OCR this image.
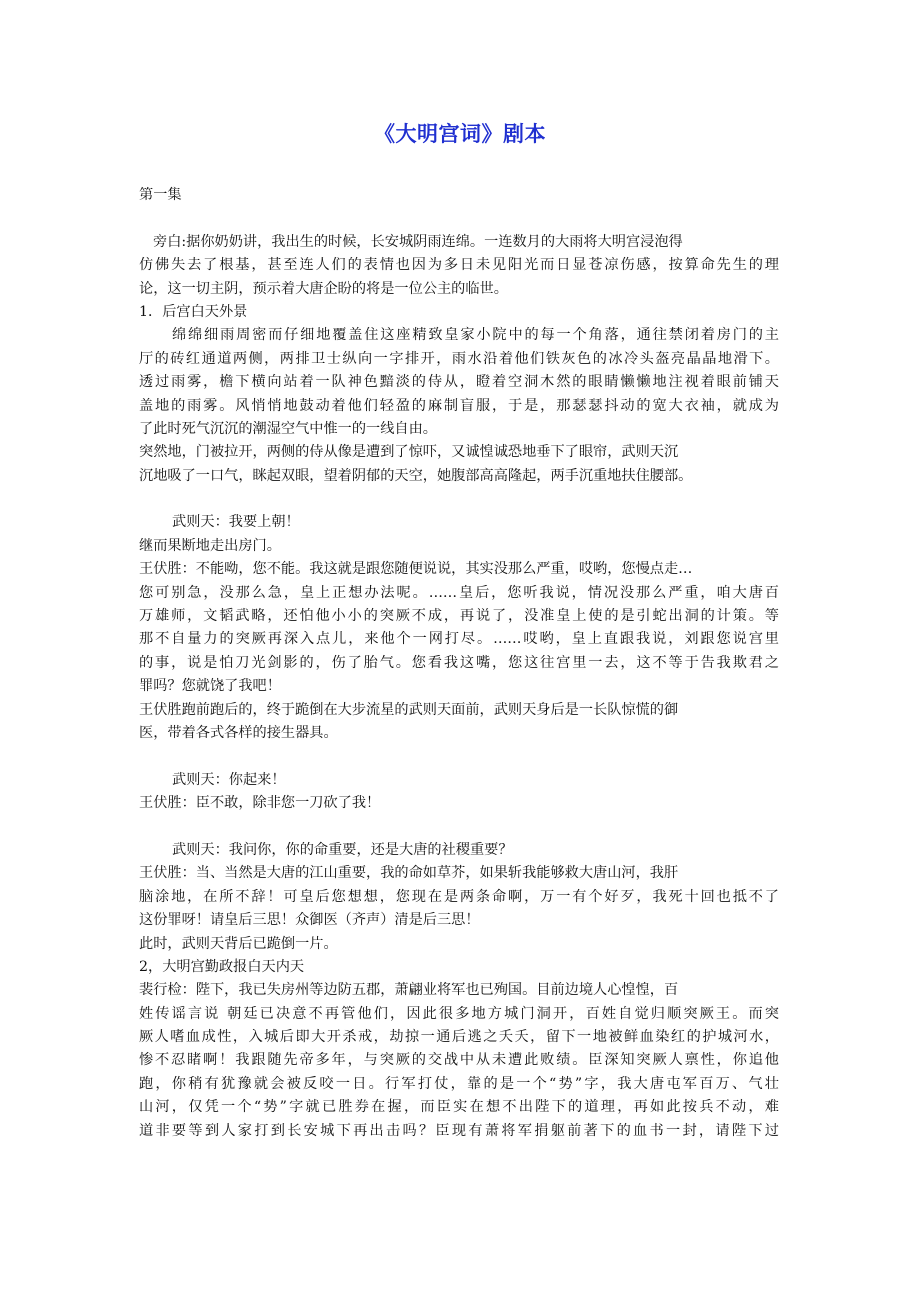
《大明宫词》剧本
第一集
旁白:据你奶奶讲，我出生的时候，长安城阴雨连绵。一连数月的大雨将大明宫浸泡得
仿佛失去了根基，甚至连人们的表情也因为多日未见阳光而日显苍凉伤感，按算命先生的理
论，这一切主阴，预示着大唐企盼的将是一位公主的临世。
1．后宫白天外景
绵绵细雨周密而仔细地覆盖住这座精致皇家小院中的每一个角落，通往禁闭着房门的主
厅的砖红通道两侧，两排卫士纵向一字排开，雨水沿着他们铁灰色的冰冷头盔亮晶晶地滑下。
透过雨雾，檐下横向站着一队神色黯淡的侍从，瞪着空洞木然的眼睛懒懒地注视着眼前铺天
盖地的雨雾。风悄悄地鼓动着他们轻盈的麻制盲服，于是，那瑟瑟抖动的宽大衣袖，就成为
了此时死气沉沉的潮湿空气中惟一的一线自由。
突然地，门被拉开，两侧的侍从像是遭到了惊吓，又诚惶诚恐地垂下了眼帘，武则天沉
沉地吸了一口气，眯起双眼，望着阴郁的天空，她腹部高高隆起，两手沉重地扶住腰部。
武则天：我要上朝！
继而果断地走出房门。
王伏胜：不能呦，您不能。我这就是跟您随便说说，其实没那么严重，哎哟，您慢点走…
您可别急，没那么急，皇上正想办法呢。……皇后，您听我说，情况没那么严重，咱大唐百
万雄师，文韬武略，还怕他小小的突厥不成，再说了，没准皇上使的是引蛇出洞的计策。等
那不自量力的突厥再深入点儿，来他个一网打尽。……哎哟，皇上直跟我说，刘跟您说宫里
的事，说是怕刀光剑影的，伤了胎气。您看我这嘴，您这往宫里一去，这不等于告我欺君之
罪吗？您就饶了我吧！
王伏胜跑前跑后的，终于跪倒在大步流星的武则天面前，武则天身后是一长队惊慌的御
医，带着各式各样的接生器具。
武则天：你起来！
王伏胜：臣不敢，除非您一刀砍了我！
武则天：我问你，你的命重要，还是大唐的社稷重要？
王伏胜：当、当然是大唐的江山重要，我的命如草芥，如果斩我能够救大唐山河，我肝
脑涂地，在所不辞！可皇后您想想，您现在是两条命啊，万一有个好歹，我死十回也抵不了
这份罪呀！请皇后三思！众御医（齐声）清是后三思！
此时，武则天背后已跪倒一片。
2，大明宫勤政报白天内天
裴行检：陛下，我已失房州等边防五郡，萧翩业将军也已殉国。目前边境人心惶惶，百
姓传谣言说 朝廷已决意不再管他们，因此很多地方城门洞开，百姓自觉归顺突厥王。而突
厥人嗜血成性，入城后即大开杀戒，劫掠一通后逃之夭夭，留下一地被鲜血染红的护城河水，
惨不忍睹啊！我跟随先帝多年，与突厥的交战中从未遭此败绩。臣深知突厥人禀性，你追他
跑，你稍有犹豫就会被反咬一日。行军打仗，靠的是一个“势”字，我大唐屯军百万、气壮
山河，仅凭一个“势”字就已胜券在握，而臣实在想不出陛下的道理，再如此按兵不动，难
道非要等到人家打到长安城下再出击吗？臣现有萧将军捐躯前著下的血书一封，请陛下过
